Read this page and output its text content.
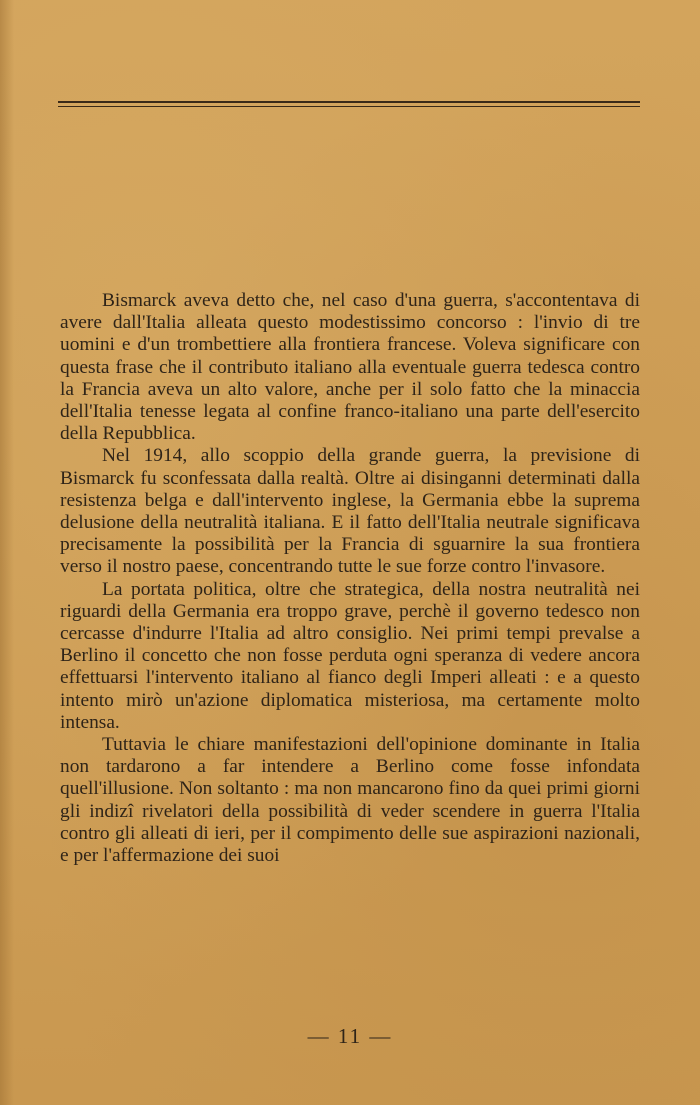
Bismarck aveva detto che, nel caso d'una guerra, s'accontentava di avere dall'Italia alleata questo modestissimo concorso : l'invio di tre uomini e d'un trombettiere alla frontiera francese. Voleva significare con questa frase che il contributo italiano alla eventuale guerra tedesca contro la Francia aveva un alto valore, anche per il solo fatto che la minaccia dell'Italia tenesse legata al confine franco-italiano una parte dell'esercito della Repubblica.

Nel 1914, allo scoppio della grande guerra, la previsione di Bismarck fu sconfessata dalla realtà. Oltre ai disinganni determinati dalla resistenza belga e dall'intervento inglese, la Germania ebbe la suprema delusione della neutralità italiana. E il fatto dell'Italia neutrale significava precisamente la possibilità per la Francia di sguarnire la sua frontiera verso il nostro paese, concentrando tutte le sue forze contro l'invasore.

La portata politica, oltre che strategica, della nostra neutralità nei riguardi della Germania era troppo grave, perchè il governo tedesco non cercasse d'indurre l'Italia ad altro consiglio. Nei primi tempi prevalse a Berlino il concetto che non fosse perduta ogni speranza di vedere ancora effettuarsi l'intervento italiano al fianco degli Imperi alleati : e a questo intento mirò un'azione diplomatica misteriosa, ma certamente molto intensa.

Tuttavia le chiare manifestazioni dell'opinione dominante in Italia non tardarono a far intendere a Berlino come fosse infondata quell'illusione. Non soltanto : ma non mancarono fino da quei primi giorni gli indizî rivelatori della possibilità di veder scendere in guerra l'Italia contro gli alleati di ieri, per il compimento delle sue aspirazioni nazionali, e per l'affermazione dei suoi

— 11 —
